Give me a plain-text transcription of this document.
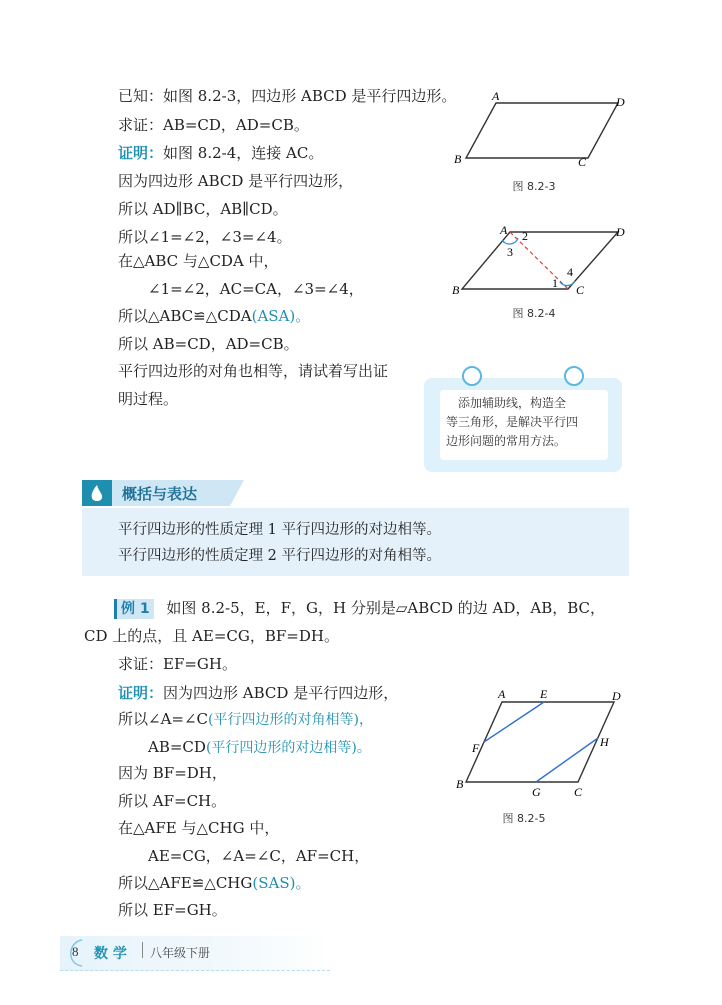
已知：如图 8.2-3，四边形 ABCD 是平行四边形。
求证：AB=CD，AD=CB。
证明：如图 8.2-4，连接 AC。
因为四边形 ABCD 是平行四边形，
所以 AD∥BC，AB∥CD。
所以∠1=∠2，∠3=∠4。
在△ABC 与△CDA 中，
∠1=∠2，AC=CA，∠3=∠4，
所以△ABC≌△CDA(ASA)。
所以 AB=CD，AD=CB。
平行四边形的对角也相等，请试着写出证
明过程。
A	D
B	C
图 8.2-3
A	D
B	C
2
3
4
1
图 8.2-4
添加辅助线，构造全
等三角形，是解决平行四
边形问题的常用方法。
概括与表达
平行四边形的性质定理 1 平行四边形的对边相等。
平行四边形的性质定理 2 平行四边形的对角相等。
例 1 如图 8.2-5，E，F，G，H 分别是▱ABCD 的边 AD，AB，BC，
CD 上的点，且 AE=CG，BF=DH。
求证：EF=GH。
证明：因为四边形 ABCD 是平行四边形，
所以∠A=∠C(平行四边形的对角相等)，
AB=CD(平行四边形的对边相等)。
因为 BF=DH，
所以 AF=CH。
在△AFE 与△CHG 中，
AE=CG，∠A=∠C，AF=CH，
所以△AFE≌△CHG(SAS)。
所以 EF=GH。
A	E	D
F	H
B
G	C
图 8.2-5
8 数 学 八年级下册
